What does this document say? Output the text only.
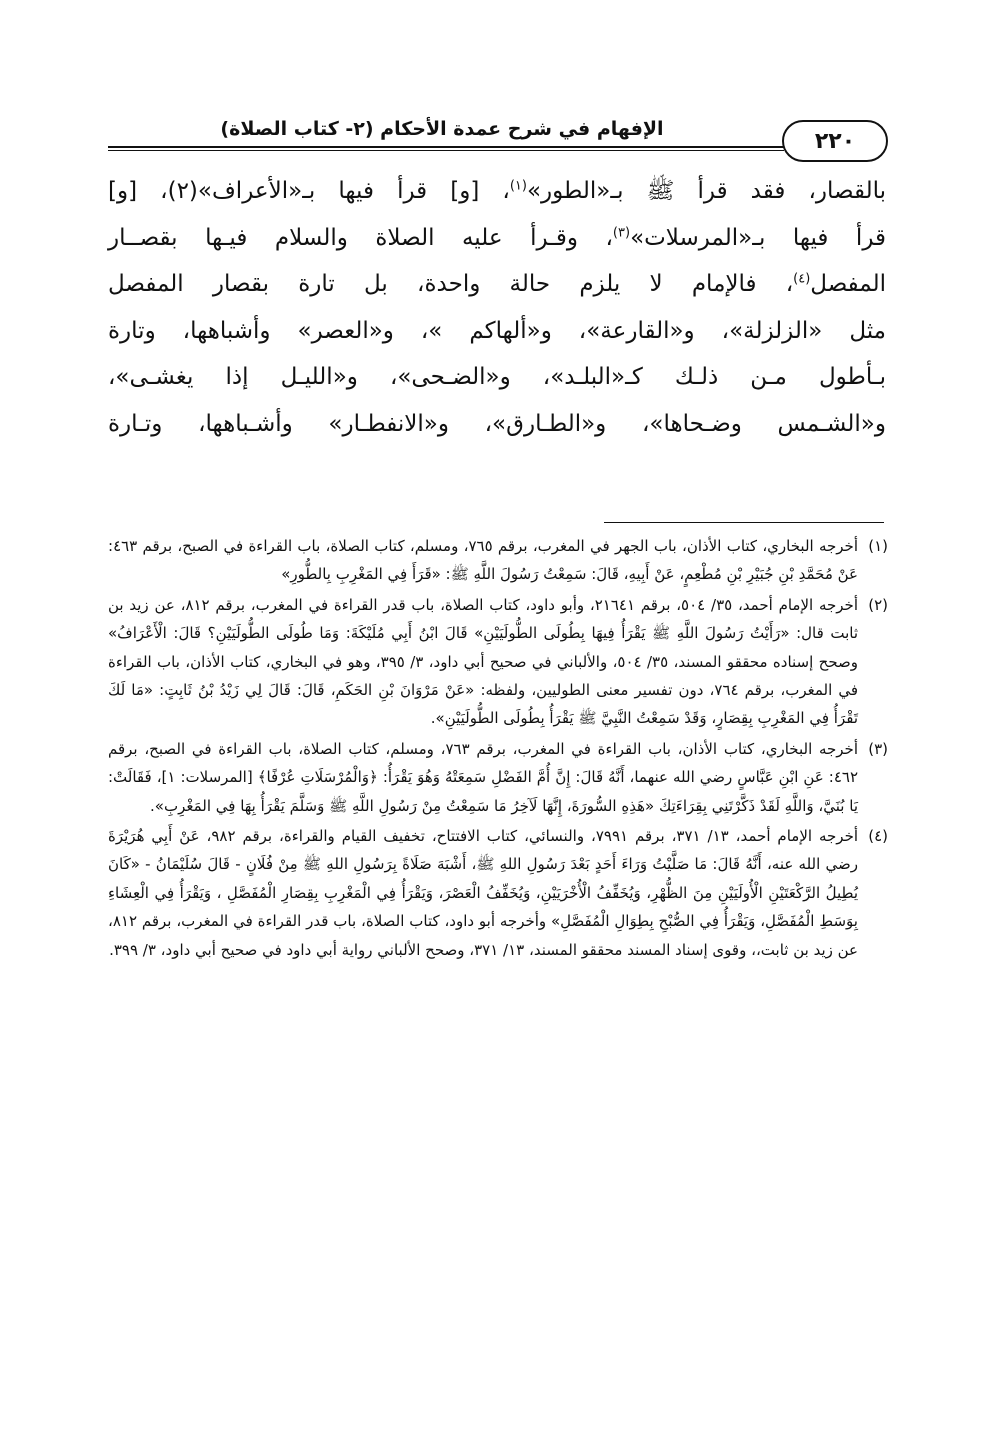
٢٢٠
الإفهام في شرح عمدة الأحكام (٢- كتاب الصلاة)

بالقصار، فقد قرأ ﷺ بـ«الطور»$^{(١)}$، [و] قرأ فيها بـ«الأعراف»(٢)، [و]

قرأ فيها بـ«المرسلات»$^{(٣)}$، وقـرأ عليه الصلاة والسلام فيـها بقصــار

المفصل$^{(٤)}$، فالإمام لا يلزم حالة واحدة، بل تارة بقصار المفصل

مثل «الزلزلة»، و«القارعة»، و«ألهاكم »، و«العصر» وأشباهها، وتارة

بـأطول مـن ذلـك كـ«البلـد»، و«الضـحى»، و«الليـل إذا يغشـى»،

و«الشـمس وضـحاها»، و«الطـارق»، و«الانفطـار» وأشـباهها، وتـارة

(١)
أخرجه البخاري، كتاب الأذان، باب الجهر في المغرب، برقم ٧٦٥، ومسلم، كتاب الصلاة، باب القراءة في الصبح، برقم ٤٦٣: عَنْ مُحَمَّدِ بْنِ جُبَيْرِ بْنِ مُطْعِمٍ، عَنْ أَبِيهِ، قَالَ: سَمِعْتُ رَسُولَ اللَّهِ ﷺ: «قَرَأَ فِي المَغْرِبِ بِالطُّورِ»

(٢)
أخرجه الإمام أحمد، ٣٥/ ٥٠٤، برقم ٢١٦٤١، وأبو داود، كتاب الصلاة، باب قدر القراءة في المغرب، برقم ٨١٢، عن زيد بن ثابت قال: «رَأَيْتُ رَسُولَ اللَّهِ ﷺ يَقْرَأُ فِيهَا بِطُولَى الطُّولَيَيْنِ» قَالَ ابْنُ أَبِي مُلَيْكَةَ: وَمَا طُولَى الطُّولَيَيْنِ؟ قَالَ: الْأَعْرَافُ» وصحح إسناده محققو المسند، ٣٥/ ٥٠٤، والألباني في صحيح أبي داود، ٣/ ٣٩٥، وهو في البخاري، كتاب الأذان، باب القراءة في المغرب، برقم ٧٦٤، دون تفسير معنى الطوليين، ولفظه: «عَنْ مَرْوَانَ بْنِ الحَكَمِ، قَالَ: قَالَ لِي زَيْدُ بْنُ ثَابِتٍ: «مَا لَكَ تَقْرَأُ فِي المَغْرِبِ بِقِصَارٍ، وَقَدْ سَمِعْتُ النَّبِيَّ ﷺ يَقْرَأُ بِطُولَى الطُّولَيَيْنِ».

(٣)
أخرجه البخاري، كتاب الأذان، باب القراءة في المغرب، برقم ٧٦٣، ومسلم، كتاب الصلاة، باب القراءة في الصبح، برقم ٤٦٢: عَنِ ابْنِ عَبَّاسٍ رضي الله عنهما، أَنَّهُ قَالَ: إِنَّ أُمَّ الفَضْلِ سَمِعَتْهُ وَهُوَ يَقْرَأُ: ﴿وَالْمُرْسَلَاتِ عُرْفًا﴾ [المرسلات: ١]، فَقَالَتْ: يَا بُنَيَّ، وَاللَّهِ لَقَدْ ذَكَّرْتَنِي بِقِرَاءَتِكَ «هَذِهِ السُّورَةَ، إِنَّهَا لَآخِرُ مَا سَمِعْتُ مِنْ رَسُولِ اللَّهِ ﷺ وَسَلَّمَ يَقْرَأُ بِهَا فِي المَغْرِبِ».

(٤)
أخرجه الإمام أحمد، ١٣/ ٣٧١، برقم ٧٩٩١، والنسائي، كتاب الافتتاح، تخفيف القيام والقراءة، برقم ٩٨٢، عَنْ أَبِي هُرَيْرَةَ رضي الله عنه، أَنَّهُ قَالَ: مَا صَلَّيْتُ وَرَاءَ أَحَدٍ بَعْدَ رَسُولِ اللهِ ﷺ، أَشْبَهَ صَلَاةً بِرَسُولِ اللهِ ﷺ مِنْ فُلَانٍ - قَالَ سُلَيْمَانُ - «كَانَ يُطِيلُ الرَّكْعَتَيْنِ الْأُولَيَيْنِ مِنَ الظُّهْرِ، وَيُخَفِّفُ الْأُخْرَيَيْنِ، وَيُخَفِّفُ الْعَصْرَ، وَيَقْرَأُ فِي الْمَغْرِبِ بِقِصَارِ الْمُفَصَّلِ ، وَيَقْرَأُ فِي الْعِشَاءِ بِوَسَطِ الْمُفَصَّلِ، وَيَقْرَأُ فِي الصُّبْحِ بِطِوَالِ الْمُفَصَّلِ» وأخرجه أبو داود، كتاب الصلاة، باب قدر القراءة في المغرب، برقم ٨١٢، عن زيد بن ثابت،، وقوى إسناد المسند محققو المسند، ١٣/ ٣٧١، وصحح الألباني رواية أبي داود في صحيح أبي داود، ٣/ ٣٩٩.
